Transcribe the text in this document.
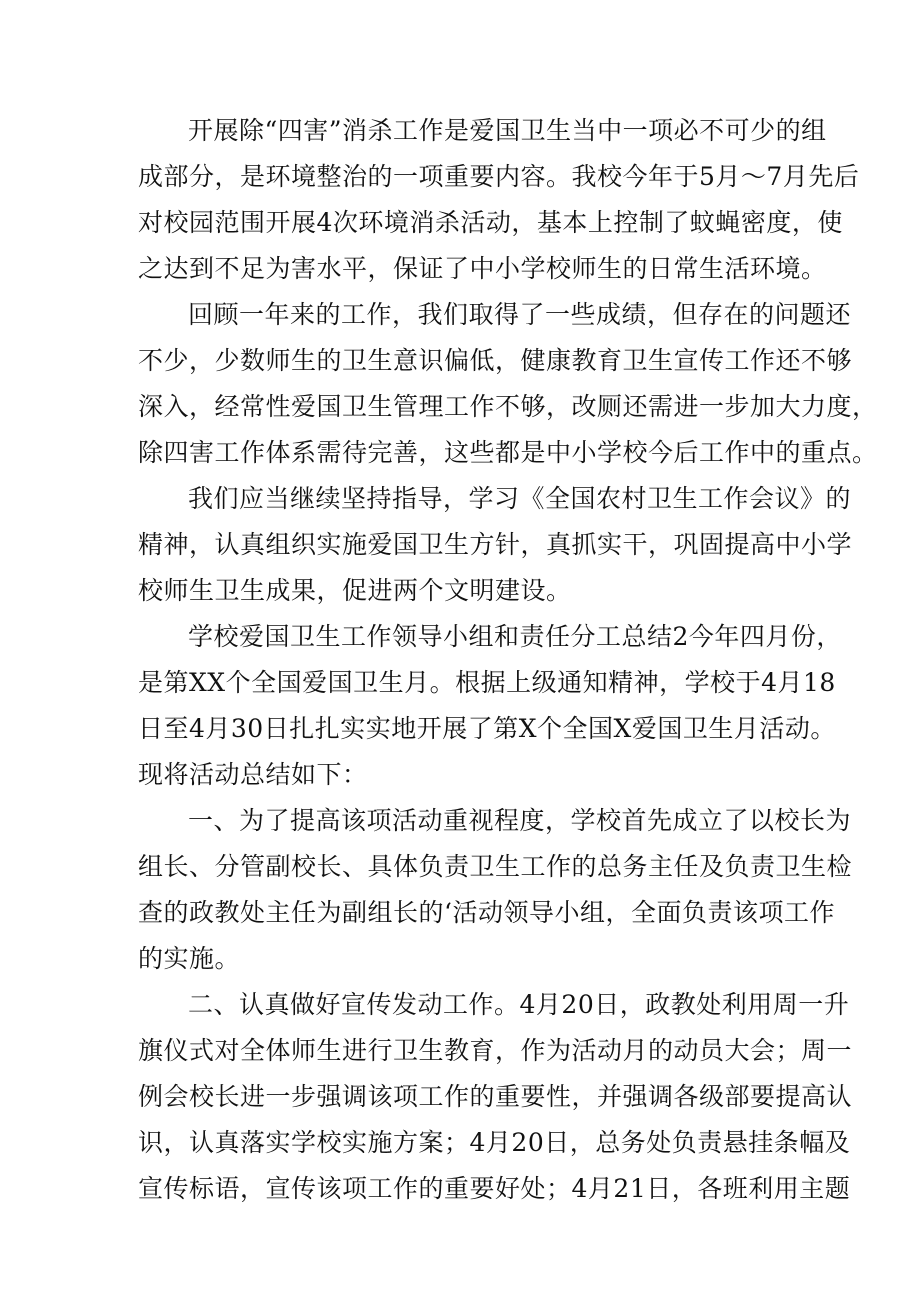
开展除“四害”消杀工作是爱国卫生当中一项必不可少的组
成部分，是环境整治的一项重要内容。我校今年于5月～7月先后
对校园范围开展4次环境消杀活动，基本上控制了蚊蝇密度，使
之达到不足为害水平，保证了中小学校师生的日常生活环境。
回顾一年来的工作，我们取得了一些成绩，但存在的问题还
不少，少数师生的卫生意识偏低，健康教育卫生宣传工作还不够
深入，经常性爱国卫生管理工作不够，改厕还需进一步加大力度，
除四害工作体系需待完善，这些都是中小学校今后工作中的重点。
我们应当继续坚持指导，学习《全国农村卫生工作会议》的
精神，认真组织实施爱国卫生方针，真抓实干，巩固提高中小学
校师生卫生成果，促进两个文明建设。
学校爱国卫生工作领导小组和责任分工总结2今年四月份，
是第XX个全国爱国卫生月。根据上级通知精神，学校于4月18
日至4月30日扎扎实实地开展了第X个全国X爱国卫生月活动。
现将活动总结如下：
一、为了提高该项活动重视程度，学校首先成立了以校长为
组长、分管副校长、具体负责卫生工作的总务主任及负责卫生检
查的政教处主任为副组长的‘活动领导小组，全面负责该项工作
的实施。
二、认真做好宣传发动工作。4月20日，政教处利用周一升
旗仪式对全体师生进行卫生教育，作为活动月的动员大会；周一
例会校长进一步强调该项工作的重要性，并强调各级部要提高认
识，认真落实学校实施方案；4月20日，总务处负责悬挂条幅及
宣传标语，宣传该项工作的重要好处；4月21日，各班利用主题
